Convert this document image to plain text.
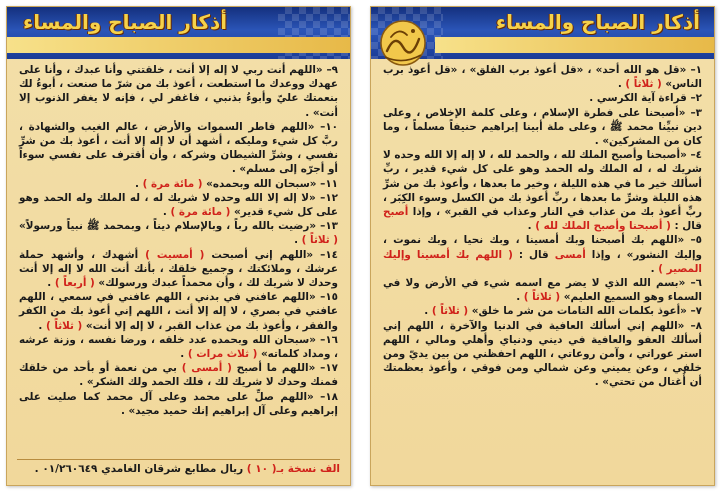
أذكار الصباح والمساء

٩– «اللهم أنت ربي لا إله إلا أنت ، خلقتني وأنا عبدك ، وأنا على عهدك ووعدك ما استطعت ، أعوذ بك من شرّ ما صنعت ، أبوءُ لك بنعمتك عليّ وأبوءُ بذنبي ، فاغفر لي ، فإنه لا يغفر الذنوب إلا أنت» .

١٠– «اللهم فاطر السموات والأرض ، عالم الغيب والشهادة ، ربَّ كل شيء ومليكه ، أشهد أن لا إله إلا أنت ، أعوذ بك من شرِّ نفسي ، وشرِّ الشيطان وشركه ، وأن أقترف على نفسي سوءاً أو أجرّه إلى مسلم» .

١١– «سبحان الله وبحمده» ( مائة مرة ) .

١٢– «لا إله إلا الله وحده لا شريك له ، له الملك وله الحمد وهو على كل شيء قدير» ( مائة مرة ) .

١٣– «رضيت بالله رباً ، وبالإسلام ديناً ، وبمحمد ﷺ نبياً ورسولاً» ( ثلاثاً ) .

١٤– «اللهم إني أصبحت ( أمسيت ) أشهدك ، وأشهد حملة عرشك ، وملائكتك ، وجميع خلقك ، بأنك أنت الله لا إله إلا أنت وحدك لا شريك لك ، وأن محمداً عبدك ورسولك» ( أربعاً ) .

١٥– «اللهم عافني في بدني ، اللهم عافني في سمعي ، اللهم عافني في بصري ، لا إله إلا أنت ، اللهم إني أعوذ بك من الكفر والفقر ، وأعوذ بك من عذاب القبر ، لا إله إلا أنت» ( ثلاثاً ) .

١٦– «سبحان الله وبحمده عدد خلقه ، ورضا نفسه ، وزنة عرشه ، ومداد كلماته» ( ثلاث مرات ) .

١٧– «اللهم ما أصبح ( أمسى ) بي من نعمة أو بأحد من خلقك فمنك وحدك لا شريك لك ، فلك الحمد ولك الشكر» .

١٨– «اللهم صلِّ على محمد وعلى آل محمد كما صليت على إبراهيم وعلى آل إبراهيم إنك حميد مجيد» .

الف نسخة بـ( ١٠ ) ريال مطابع شرقان الغامدي ٠١/٢٦٠٦٤٩ .
أذكار الصباح والمساء

١– «قل هو الله أحد» ، «قل أعوذ برب الفلق» ، «قل أعوذ برب الناس» ( ثلاثاً ) .

٢– قراءة آية الكرسي .

٣– «أصبحنا على فطرة الإسلام ، وعلى كلمة الإخلاص ، وعلى دين نبيِّنا محمد ﷺ ، وعلى ملة أبينا إبراهيم حنيفاً مسلماً ، وما كان من المشركين» .

٤– «أصبحنا وأصبح الملك لله ، والحمد لله ، لا إله إلا الله وحده لا شريك له ، له الملك وله الحمد وهو على كل شيء قدير ، ربِّ أسألك خير ما في هذه الليلة ، وخير ما بعدها ، وأعوذ بك من شرِّ هذه الليلة وشرِّ ما بعدها ، ربِّ أعوذ بك من الكسل وسوء الكِبَر ، ربِّ أعوذ بك من عذاب في النار وعذاب في القبر» ، وإذا أصبح قال : ( أصبحنا وأصبح الملك لله ) .

٥– «اللهم بك أصبحنا وبك أمسينا ، وبك نحيا ، وبك نموت ، وإليك النشور» ، وإذا أمسى قال : ( اللهم بك أمسينا وإليك المصير ) .

٦– «بسم الله الذي لا يضر مع اسمه شيء في الأرض ولا في السماء وهو السميع العليم» ( ثلاثاً ) .

٧– «أعوذ بكلمات الله التامات من شر ما خلق» ( ثلاثاً ) .

٨– «اللهم إني أسألك العافية في الدنيا والآخرة ، اللهم إني أسألك العفو والعافية في ديني ودنياي وأهلي ومالي ، اللهم استر عوراتي ، وآمن روعاتي ، اللهم احفظني من بين يديّ ومن خلفي ، وعن يميني وعن شمالي ومن فوقي ، وأعوذ بعظمتك أن أُغتال من تحتي» .
